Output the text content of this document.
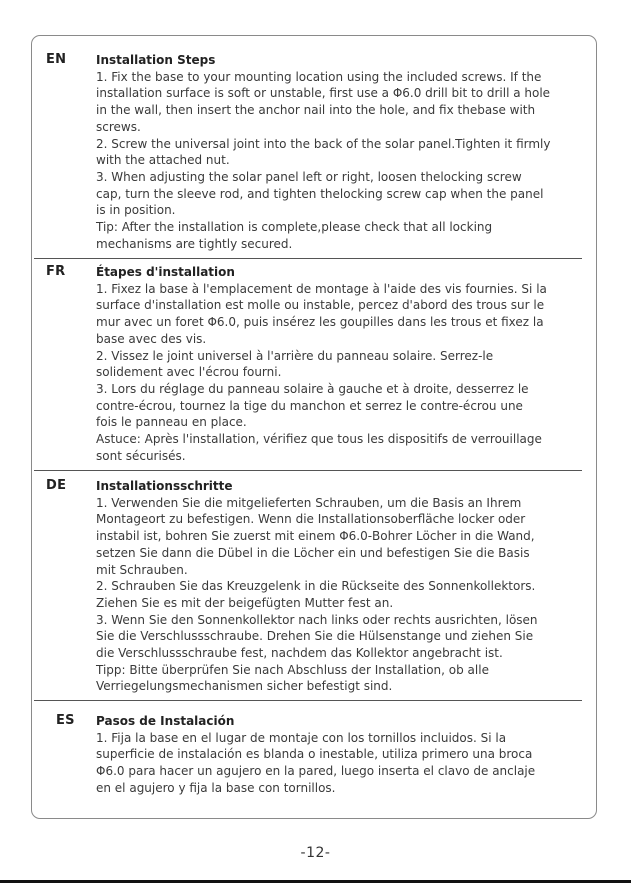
EN Installation Steps
1. Fix the base to your mounting location using the included screws. If the
installation surface is soft or unstable, first use a Φ6.0 drill bit to drill a hole
in the wall, then insert the anchor nail into the hole, and fix thebase with
screws.
2. Screw the universal joint into the back of the solar panel.Tighten it firmly
with the attached nut.
3. When adjusting the solar panel left or right, loosen thelocking screw
cap, turn the sleeve rod, and tighten thelocking screw cap when the panel
is in position.
Tip: After the installation is complete,please check that all locking
mechanisms are tightly secured.
FR	Étapes d'installation
1. Fixez la base à l'emplacement de montage à l'aide des vis fournies. Si la
surface d'installation est molle ou instable, percez d'abord des trous sur le
mur avec un foret Φ6.0, puis insérez les goupilles dans les trous et fixez la
base avec des vis.
2. Vissez le joint universel à l'arrière du panneau solaire. Serrez-le
solidement avec l'écrou fourni.
3. Lors du réglage du panneau solaire à gauche et à droite, desserrez le
contre-écrou, tournez la tige du manchon et serrez le contre-écrou une
fois le panneau en place.
Astuce: Après l'installation, vérifiez que tous les dispositifs de verrouillage
sont sécurisés.
DE Installationsschritte
1. Verwenden Sie die mitgelieferten Schrauben, um die Basis an Ihrem
Montageort zu befestigen. Wenn die Installationsoberfläche locker oder
instabil ist, bohren Sie zuerst mit einem Φ6.0-Bohrer Löcher in die Wand,
setzen Sie dann die Dübel in die Löcher ein und befestigen Sie die Basis
mit Schrauben.
2. Schrauben Sie das Kreuzgelenk in die Rückseite des Sonnenkollektors.
Ziehen Sie es mit der beigefügten Mutter fest an.
3. Wenn Sie den Sonnenkollektor nach links oder rechts ausrichten, lösen
Sie die Verschlussschraube. Drehen Sie die Hülsenstange und ziehen Sie
die Verschlussschraube fest, nachdem das Kollektor angebracht ist.
Tipp: Bitte überprüfen Sie nach Abschluss der Installation, ob alle
Verriegelungsmechanismen sicher befestigt sind.
ES Pasos de Instalación
1. Fija la base en el lugar de montaje con los tornillos incluidos. Si la
superficie de instalación es blanda o inestable, utiliza primero una broca
Φ6.0 para hacer un agujero en la pared, luego inserta el clavo de anclaje
en el agujero y fija la base con tornillos.
-12-
